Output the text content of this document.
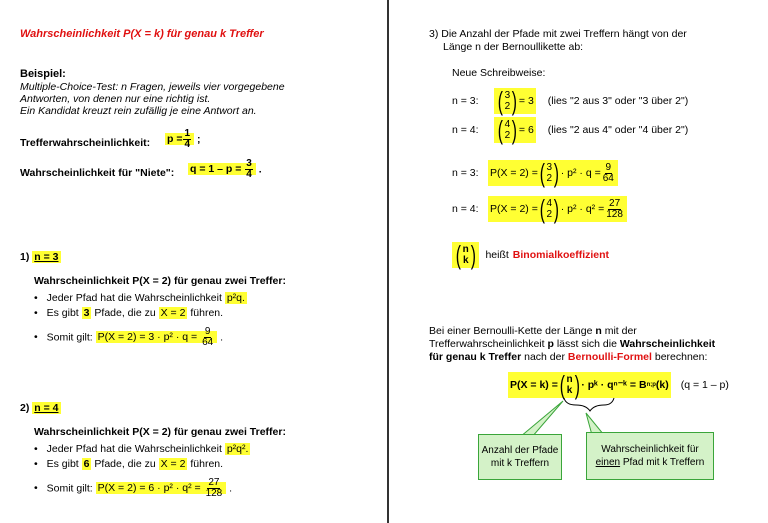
Wahrscheinlichkeit P(X = k) für genau k Treffer
Beispiel:
Multiple-Choice-Test: n Fragen, jeweils vier vorgegebene
Antworten, von denen nur eine richtig ist.
Ein Kandidat kreuzt rein zufällig je eine Antwort an.
Trefferwahrscheinlichkeit: $p = \frac{1}{4}$ ;
Wahrscheinlichkeit für "Niete": $q = 1 - p = \frac{3}{4}$ .
1) n = 3
Wahrscheinlichkeit P(X = 2) für genau zwei Treffer:
• Jeder Pfad hat die Wahrscheinlichkeit p²q.
• Es gibt 3 Pfade, die zu X = 2 führen.
• Somit gilt: $P(X = 2) = 3 \cdot p^2 \cdot q = \frac{9}{64}$ .
2) n = 4
Wahrscheinlichkeit P(X = 2) für genau zwei Treffer:
• Jeder Pfad hat die Wahrscheinlichkeit p²q².
• Es gibt 6 Pfade, die zu X = 2 führen.
• Somit gilt: $P(X = 2) = 6 \cdot p^2 \cdot q^2 = \frac{27}{128}$ .
3) Die Anzahl der Pfade mit zwei Treffern hängt von der
Länge n der Bernoullikette ab:
Neue Schreibweise:
n = 3: ( 3
2 ) = 3 (lies "2 aus 3" oder "3 über 2")
n = 4: ( 4
2 ) = 6 (lies "2 aus 4" oder "4 über 2")
n = 3:	P(X = 2) = ( 3
2 ) · $p^2 \cdot q = \frac{9}{64}$
n = 4:	P(X = 2) = ( 4
2 ) · $p^2 \cdot q^2 = \frac{27}{128}$
( n
k ) heißt Binomialkoeffizient
Bei einer Bernoulli-Kette der Länge n mit der
Trefferwahrscheinlichkeit p lässt sich die Wahrscheinlichkeit
für genau k Treffer nach der Bernoulli-Formel berechnen:
P(X = k) = ( n
k ) · pᵏ · qⁿ⁻ᵏ = B n;p (k) (q = 1 – p)
Anzahl der Pfade mit k Treffern
Wahrscheinlichkeit für
einen Pfad mit k Treffern
